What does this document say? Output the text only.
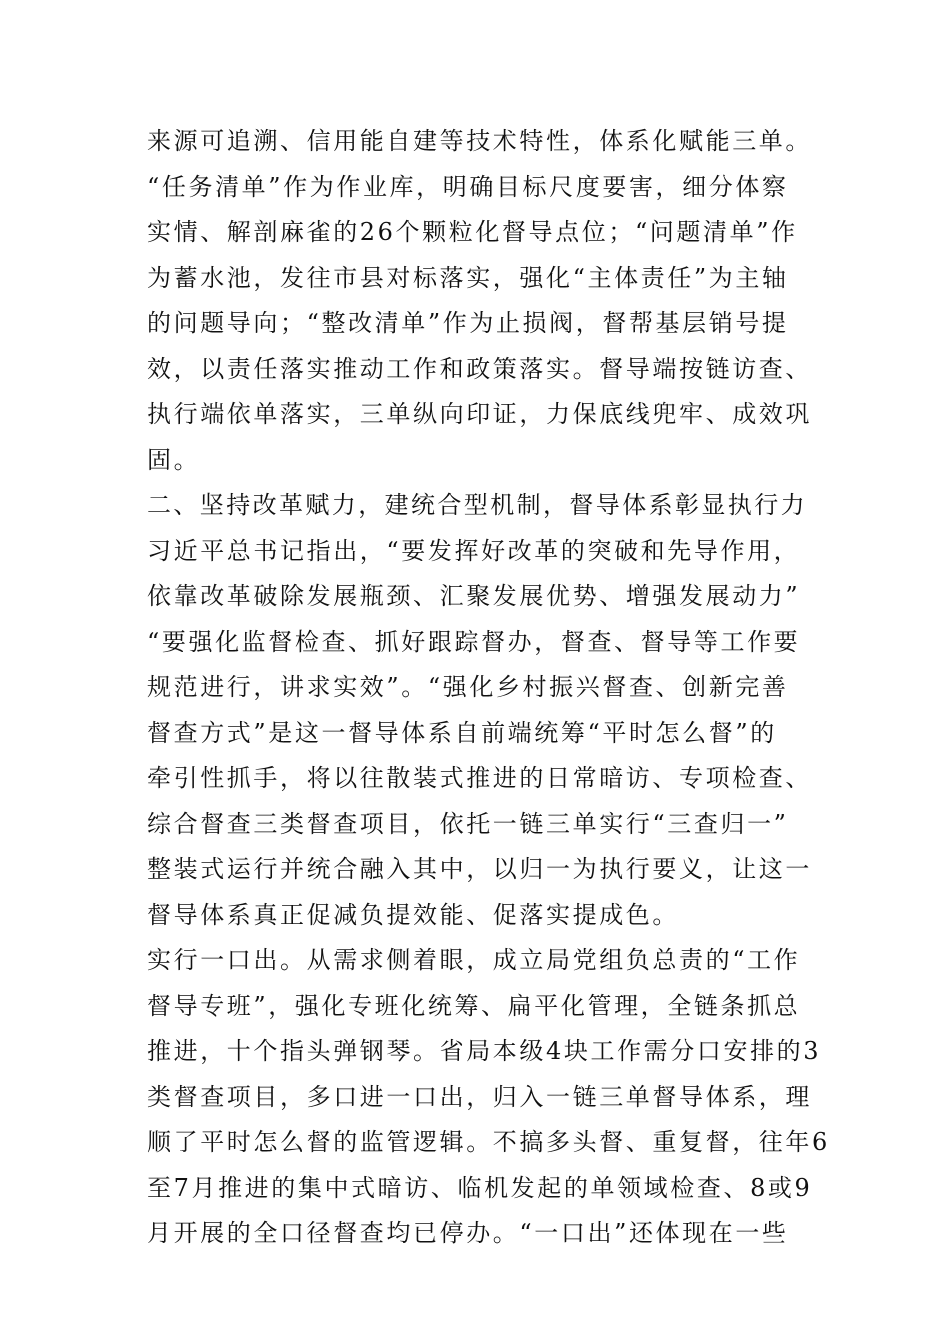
来源可追溯、信用能自建等技术特性，体系化赋能三单。
“任务清单”作为作业库，明确目标尺度要害，细分体察
实情、解剖麻雀的26个颗粒化督导点位；“问题清单”作
为蓄水池，发往市县对标落实，强化“主体责任”为主轴
的问题导向；“整改清单”作为止损阀，督帮基层销号提
效，以责任落实推动工作和政策落实。督导端按链访查、
执行端依单落实，三单纵向印证，力保底线兜牢、成效巩
固。
二、坚持改革赋力，建统合型机制，督导体系彰显执行力
习近平总书记指出，“要发挥好改革的突破和先导作用，
依靠改革破除发展瓶颈、汇聚发展优势、增强发展动力”
“要强化监督检查、抓好跟踪督办，督查、督导等工作要
规范进行，讲求实效”。“强化乡村振兴督查、创新完善
督查方式”是这一督导体系自前端统筹“平时怎么督”的
牵引性抓手，将以往散装式推进的日常暗访、专项检查、
综合督查三类督查项目，依托一链三单实行“三查归一”
整装式运行并统合融入其中，以归一为执行要义，让这一
督导体系真正促减负提效能、促落实提成色。
实行一口出。从需求侧着眼，成立局党组负总责的“工作
督导专班”，强化专班化统筹、扁平化管理，全链条抓总
推进，十个指头弹钢琴。省局本级4块工作需分口安排的3
类督查项目，多口进一口出，归入一链三单督导体系，理
顺了平时怎么督的监管逻辑。不搞多头督、重复督，往年6
至7月推进的集中式暗访、临机发起的单领域检查、8或9
月开展的全口径督查均已停办。“一口出”还体现在一些
